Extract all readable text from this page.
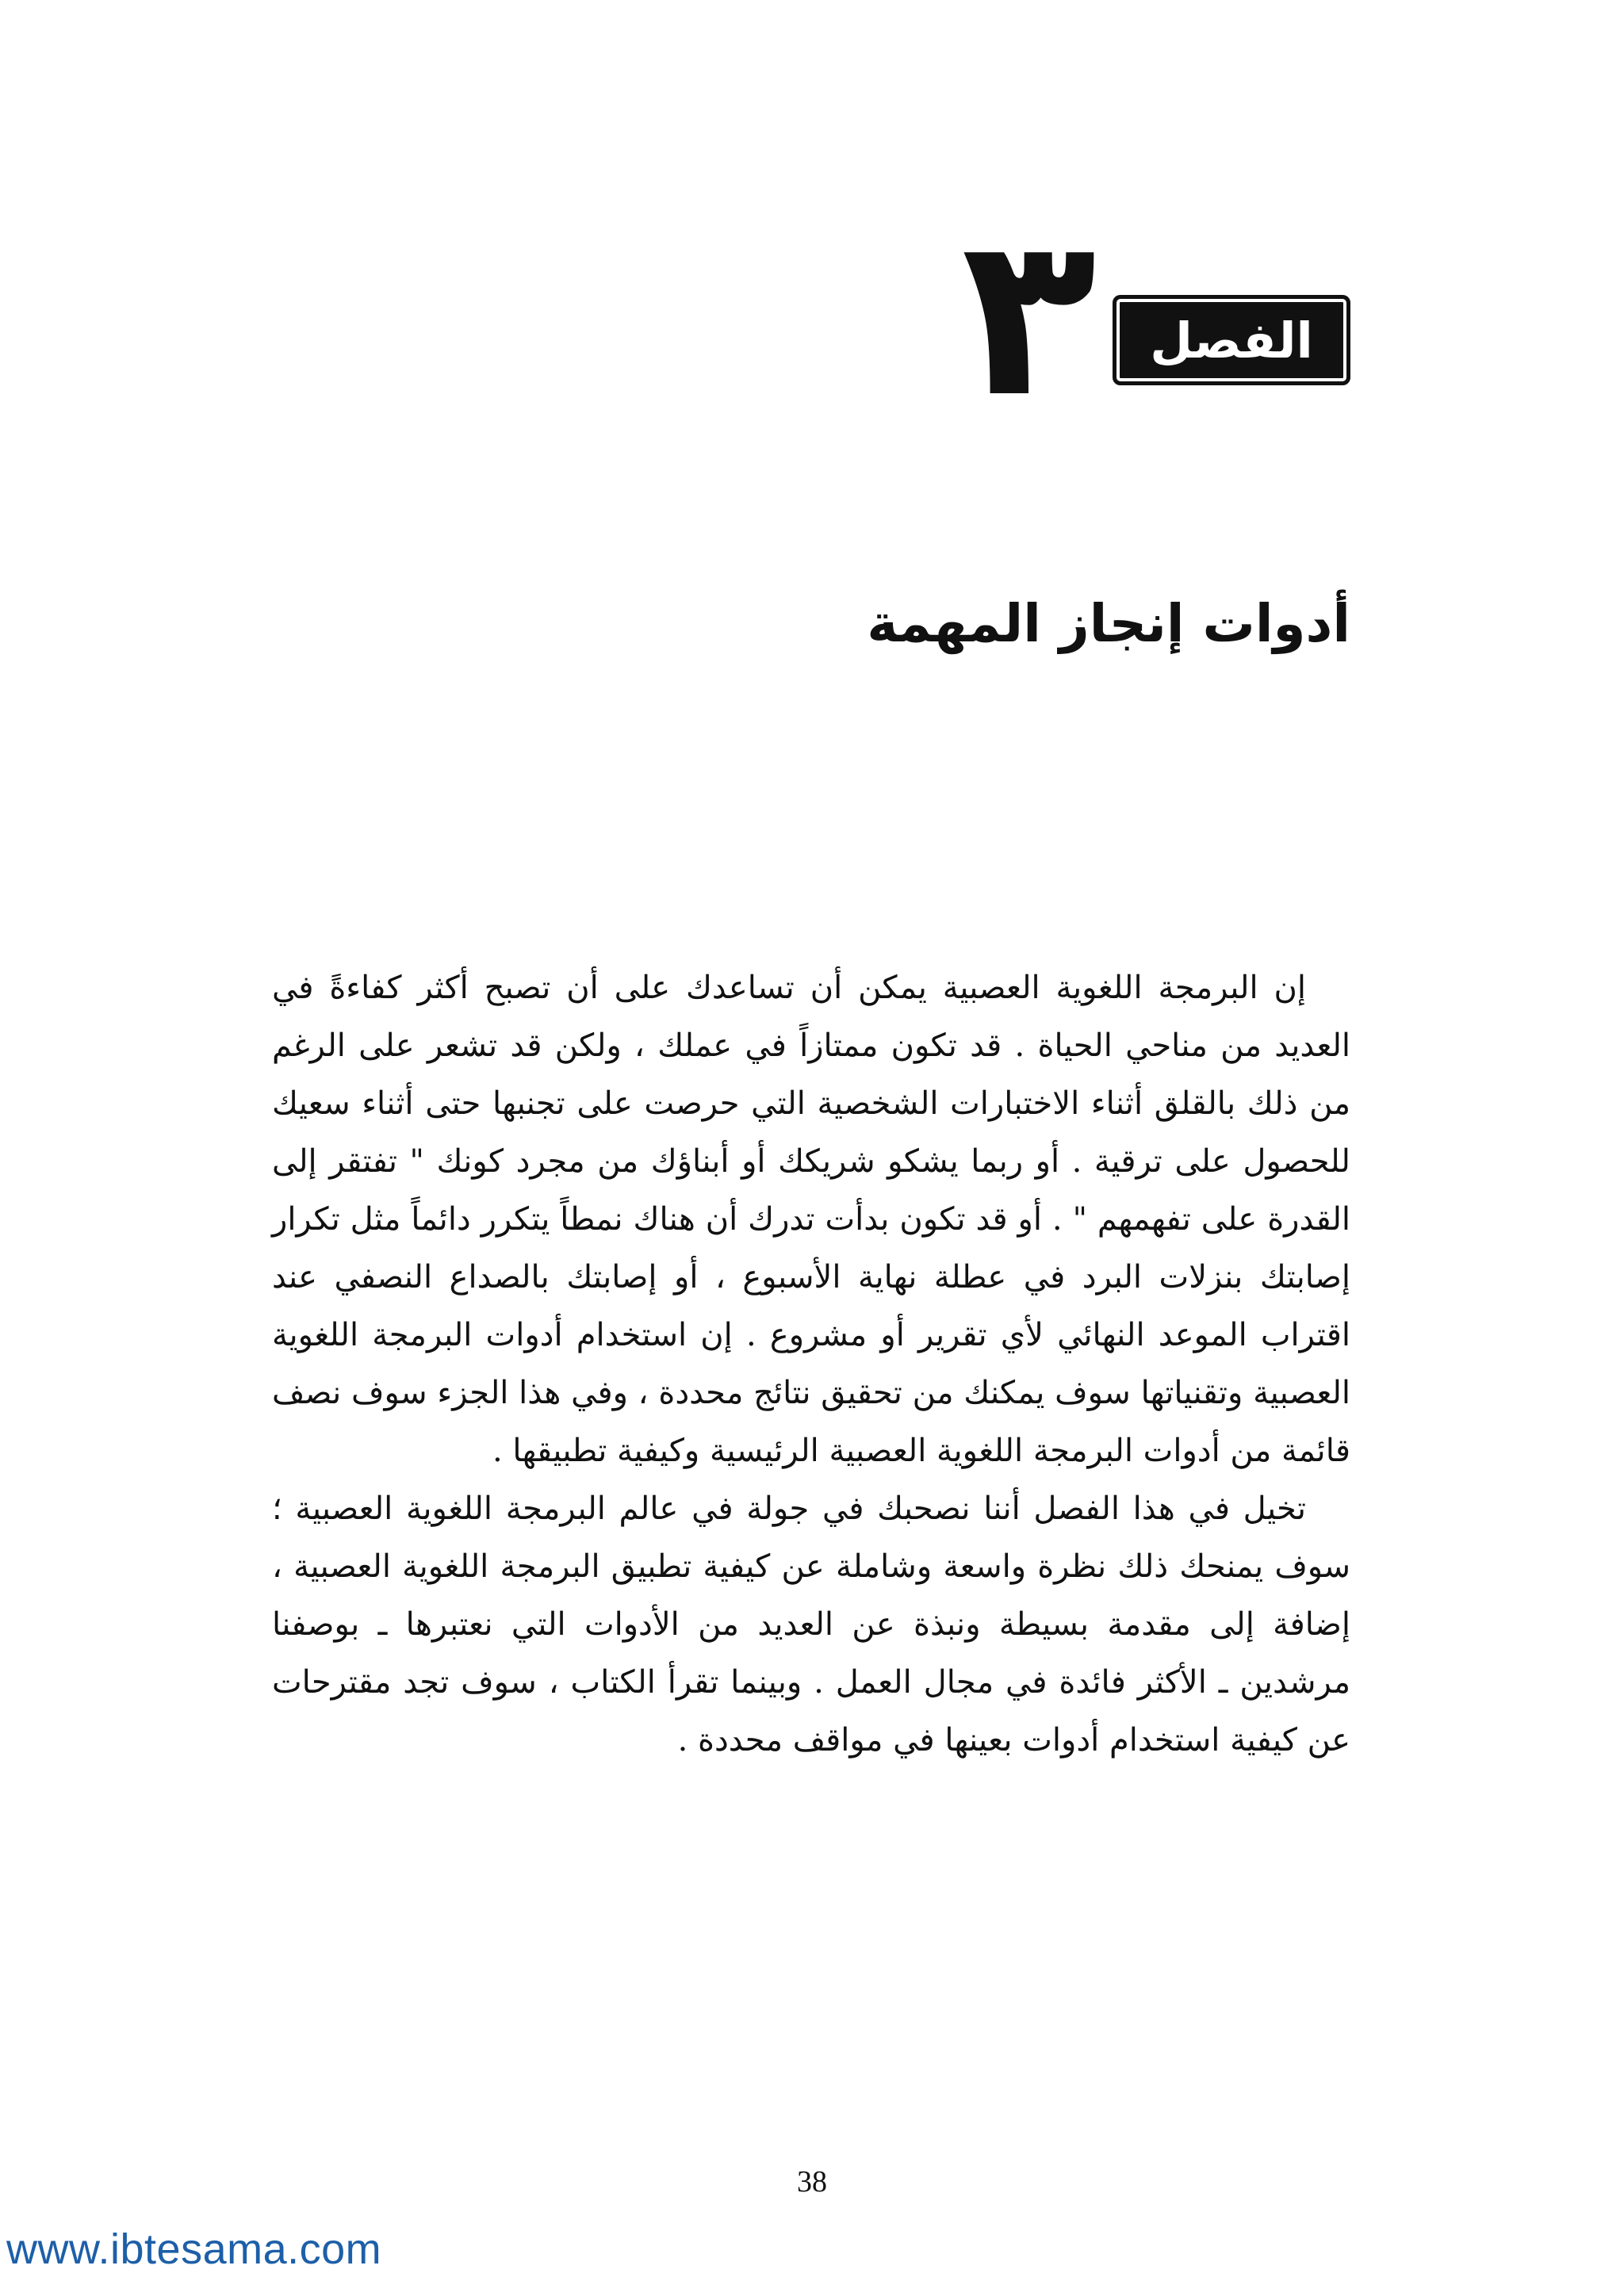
الفصل
٣
أدوات إنجاز المهمة

إن البرمجة اللغوية العصبية يمكن أن تساعدك على أن تصبح أكثر كفاءةً في العديد من مناحي الحياة . قد تكون ممتازاً في عملك ، ولكن قد تشعر على الرغم من ذلك بالقلق أثناء الاختبارات الشخصية التي حرصت على تجنبها حتى أثناء سعيك للحصول على ترقية . أو ربما يشكو شريكك أو أبناؤك من مجرد كونك " تفتقر إلى القدرة على تفهمهم " . أو قد تكون بدأت تدرك أن هناك نمطاً يتكرر دائماً مثل تكرار إصابتك بنزلات البرد في عطلة نهاية الأسبوع ، أو إصابتك بالصداع النصفي عند اقتراب الموعد النهائي لأي تقرير أو مشروع . إن استخدام أدوات البرمجة اللغوية العصبية وتقنياتها سوف يمكنك من تحقيق نتائج محددة ، وفي هذا الجزء سوف نصف قائمة من أدوات البرمجة اللغوية العصبية الرئيسية وكيفية تطبيقها .

تخيل في هذا الفصل أننا نصحبك في جولة في عالم البرمجة اللغوية العصبية ؛ سوف يمنحك ذلك نظرة واسعة وشاملة عن كيفية تطبيق البرمجة اللغوية العصبية ، إضافة إلى مقدمة بسيطة ونبذة عن العديد من الأدوات التي نعتبرها ـ بوصفنا مرشدين ـ الأكثر فائدة في مجال العمل . وبينما تقرأ الكتاب ، سوف تجد مقترحات عن كيفية استخدام أدوات بعينها في مواقف محددة .

38
www.ibtesama.com
